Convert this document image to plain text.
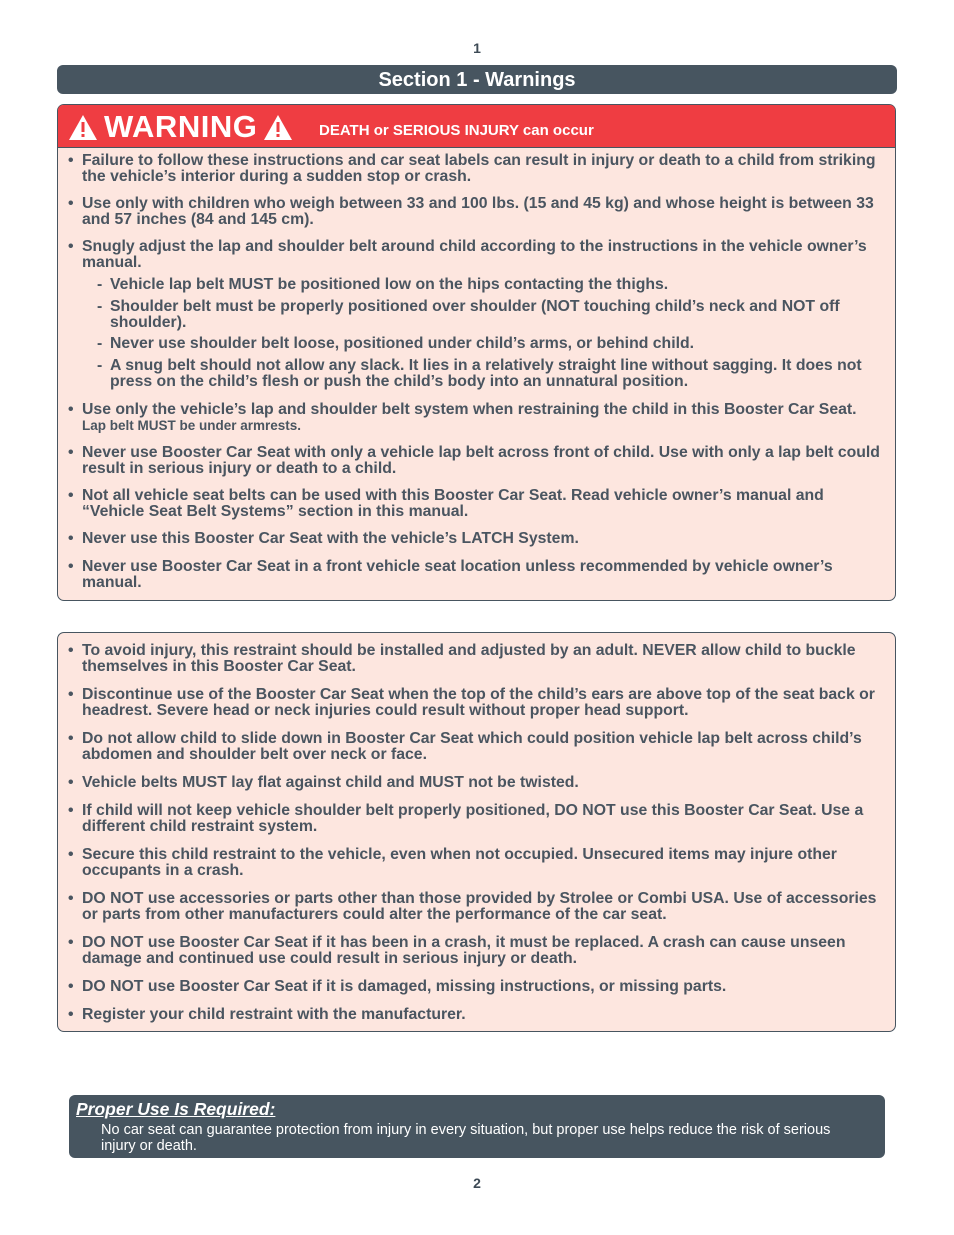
1
Section 1 - Warnings
WARNING	DEATH or SERIOUS INJURY can occur
• Failure to follow these instructions and car seat labels can result in injury or death to a child from striking the vehicle’s interior during a sudden stop or crash.
• Use only with children who weigh between 33 and 100 lbs. (15 and 45 kg) and whose height is between 33 and 57 inches (84 and 145 cm).
• Snugly adjust the lap and shoulder belt around child according to the instructions in the vehicle owner’s manual.
- Vehicle lap belt MUST be positioned low on the hips contacting the thighs.
- Shoulder belt must be properly positioned over shoulder (NOT touching child’s neck and NOT off shoulder).
- Never use shoulder belt loose, positioned under child’s arms, or behind child.
- A snug belt should not allow any slack. It lies in a relatively straight line without sagging. It does not press on the child’s flesh or push the child’s body into an unnatural position.
• Use only the vehicle’s lap and shoulder belt system when restraining the child in this Booster Car Seat. Lap belt MUST be under armrests.
• Never use Booster Car Seat with only a vehicle lap belt across front of child. Use with only a lap belt could result in serious injury or death to a child.
• Not all vehicle seat belts can be used with this Booster Car Seat. Read vehicle owner’s manual and “Vehicle Seat Belt Systems” section in this manual.
• Never use this Booster Car Seat with the vehicle’s LATCH System.
• Never use Booster Car Seat in a front vehicle seat location unless recommended by vehicle owner’s manual.
• To avoid injury, this restraint should be installed and adjusted by an adult. NEVER allow child to buckle themselves in this Booster Car Seat.
• Discontinue use of the Booster Car Seat when the top of the child’s ears are above top of the seat back or headrest. Severe head or neck injuries could result without proper head support.
• Do not allow child to slide down in Booster Car Seat which could position vehicle lap belt across child’s abdomen and shoulder belt over neck or face.
• Vehicle belts MUST lay flat against child and MUST not be twisted.
• If child will not keep vehicle shoulder belt properly positioned, DO NOT use this Booster Car Seat. Use a different child restraint system.
• Secure this child restraint to the vehicle, even when not occupied. Unsecured items may injure other occupants in a crash.
• DO NOT use accessories or parts other than those provided by Strolee or Combi USA. Use of accessories or parts from other manufacturers could alter the performance of the car seat.
• DO NOT use Booster Car Seat if it has been in a crash, it must be replaced. A crash can cause unseen damage and continued use could result in serious injury or death.
• DO NOT use Booster Car Seat if it is damaged, missing instructions, or missing parts.
• Register your child restraint with the manufacturer.
Proper Use Is Required:
No car seat can guarantee protection from injury in every situation, but proper use helps reduce the risk of serious injury or death.
2
